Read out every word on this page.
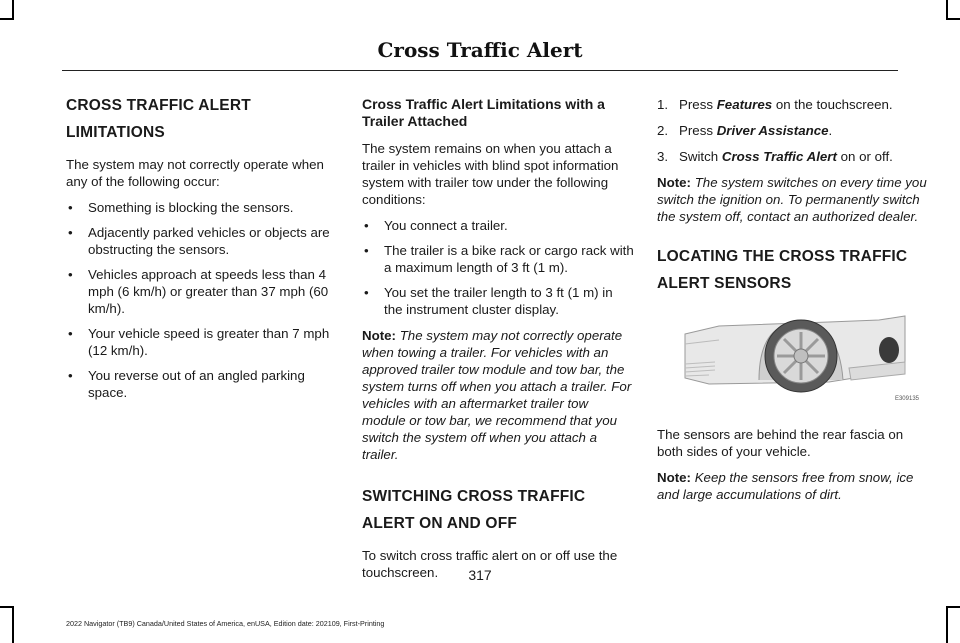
Cross Traffic Alert
CROSS TRAFFIC ALERT
LIMITATIONS

The system may not correctly operate when any of the following occur:

• Something is blocking the sensors.
• Adjacently parked vehicles or objects are obstructing the sensors.
• Vehicles approach at speeds less than 4 mph (6 km/h) or greater than 37 mph (60 km/h).
• Your vehicle speed is greater than 7 mph (12 km/h).
• You reverse out of an angled parking space.
Cross Traffic Alert Limitations with a Trailer Attached

The system remains on when you attach a trailer in vehicles with blind spot information system with trailer tow under the following conditions:

• You connect a trailer.
• The trailer is a bike rack or cargo rack with a maximum length of 3 ft (1 m).
• You set the trailer length to 3 ft (1 m) in the instrument cluster display.

Note: The system may not correctly operate when towing a trailer. For vehicles with an approved trailer tow module and tow bar, the system turns off when you attach a trailer. For vehicles with an aftermarket trailer tow module or tow bar, we recommend that you switch the system off when you attach a trailer.

SWITCHING CROSS TRAFFIC
ALERT ON AND OFF

To switch cross traffic alert on or off use the touchscreen.

1. Press Features on the touchscreen.
2. Press Driver Assistance.
3. Switch Cross Traffic Alert on or off.

Note: The system switches on every time you switch the ignition on. To permanently switch the system off, contact an authorized dealer.

LOCATING THE CROSS TRAFFIC
ALERT SENSORS
E309135

The sensors are behind the rear fascia on both sides of your vehicle.

Note: Keep the sensors free from snow, ice and large accumulations of dirt.

317
2022 Navigator (TB9) Canada/United States of America, enUSA, Edition date: 202109, First-Printing
